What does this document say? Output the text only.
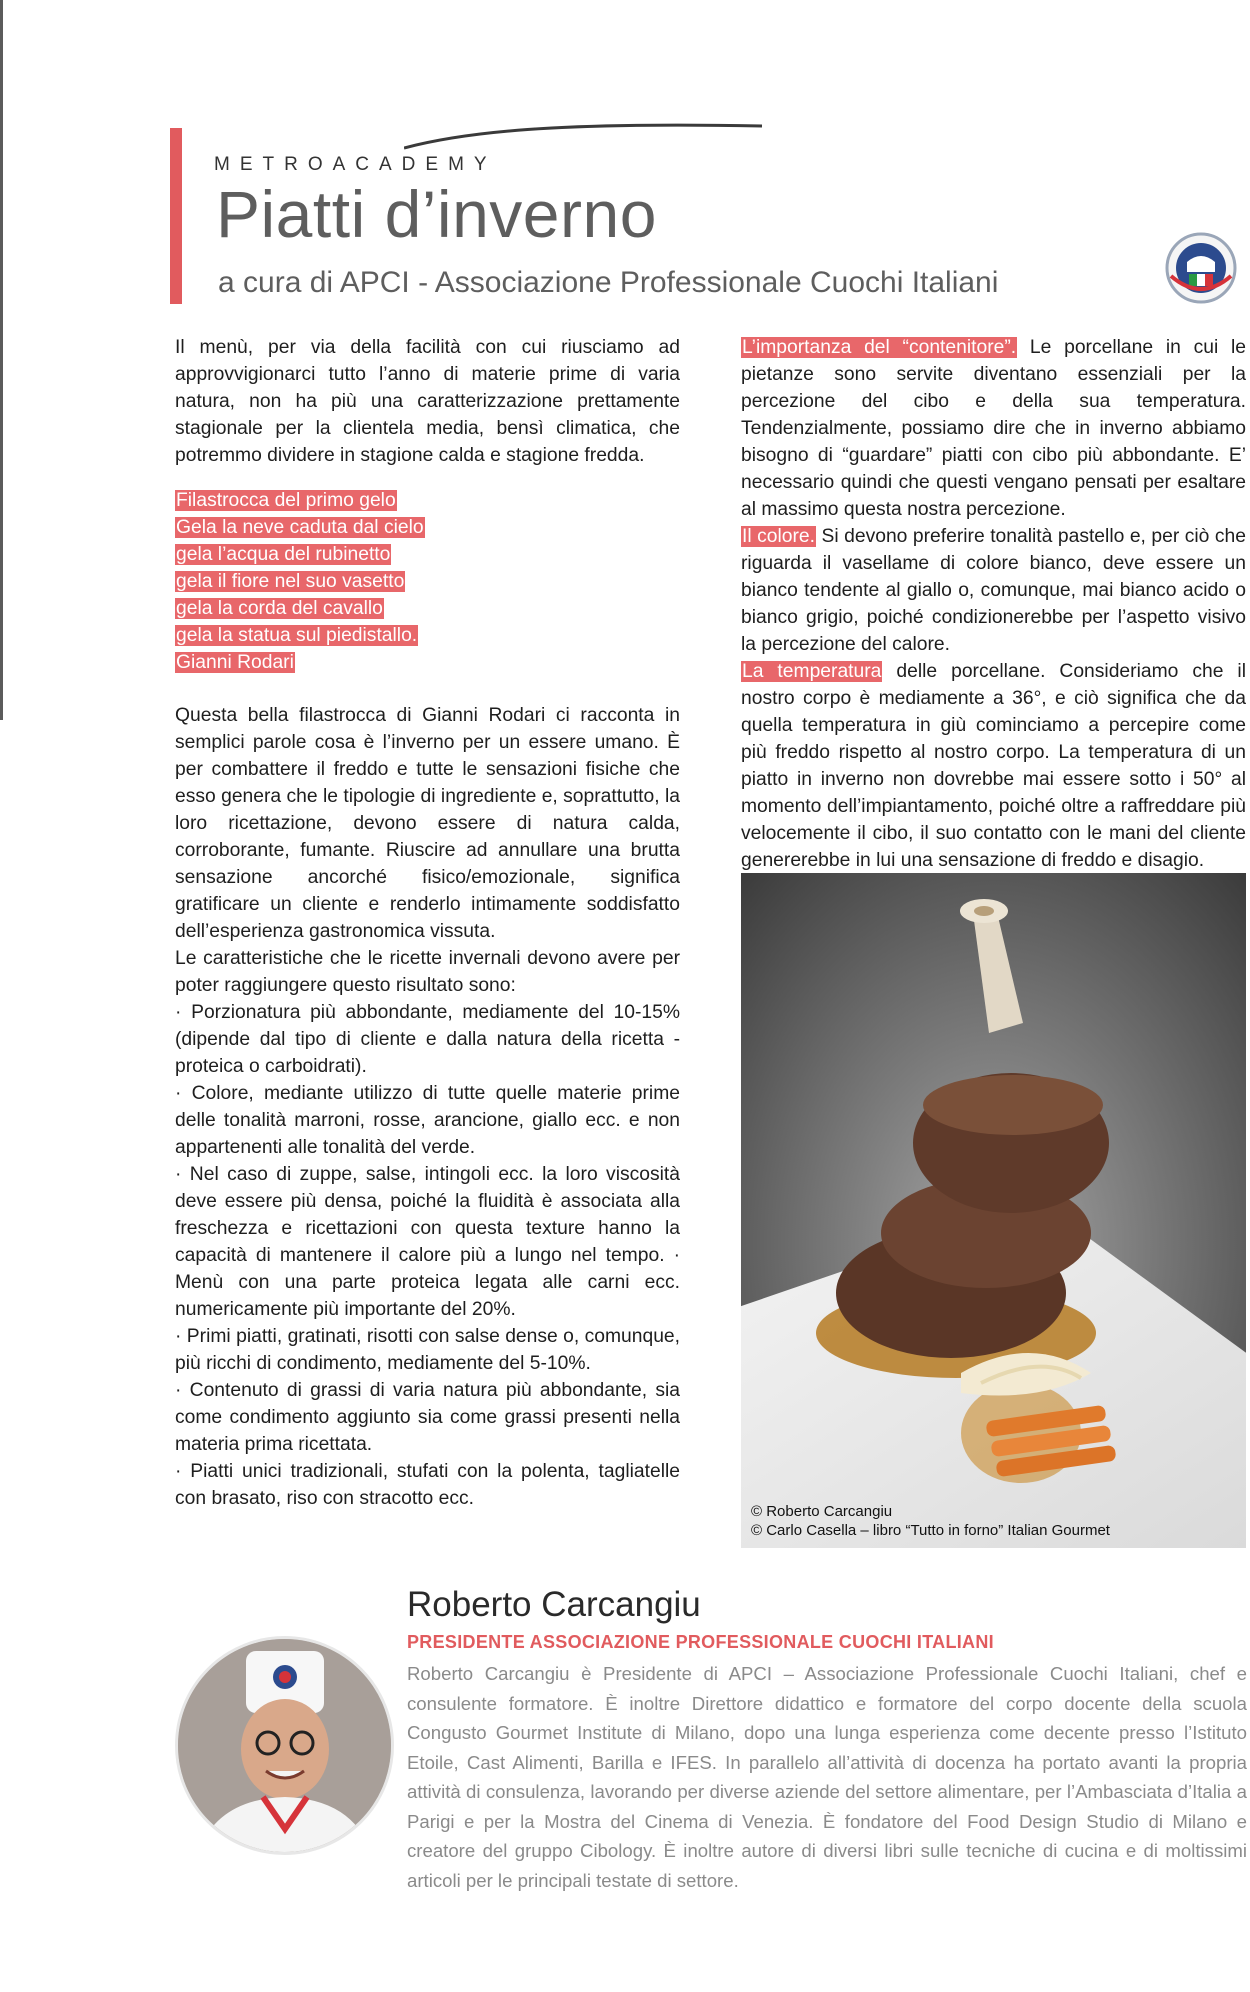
METROACADEMY
Piatti d’inverno
a cura di APCI - Associazione Professionale Cuochi Italiani

Il menù, per via della facilità con cui riusciamo ad approvvigionarci tutto l’anno di materie prime di varia natura, non ha più una caratterizzazione prettamente stagionale per la clientela media, bensì climatica, che potremmo dividere in stagione calda e stagione fredda.

Filastrocca del primo gelo
Gela la neve caduta dal cielo
gela l’acqua del rubinetto
gela il fiore nel suo vasetto
gela la corda del cavallo
gela la statua sul piedistallo.
Gianni Rodari

Questa bella filastrocca di Gianni Rodari ci racconta in semplici parole cosa è l’inverno per un essere umano. È per combattere il freddo e tutte le sensazioni fisiche che esso genera che le tipologie di ingrediente e, soprattutto, la loro ricettazione, devono essere di natura calda, corroborante, fumante. Riuscire ad annullare una brutta sensazione ancorché fisico/emozionale, significa gratificare un cliente e renderlo intimamente soddisfatto dell’esperienza gastronomica vissuta.

Le caratteristiche che le ricette invernali devono avere per poter raggiungere questo risultato sono:

· Porzionatura più abbondante, mediamente del 10-15% (dipende dal tipo di cliente e dalla natura della ricetta - proteica o carboidrati).

· Colore, mediante utilizzo di tutte quelle materie prime delle tonalità marroni, rosse, arancione, giallo ecc. e non appartenenti alle tonalità del verde.

· Nel caso di zuppe, salse, intingoli ecc. la loro viscosità deve essere più densa, poiché la fluidità è associata alla freschezza e ricettazioni con questa texture hanno la capacità di mantenere il calore più a lungo nel tempo. · Menù con una parte proteica legata alle carni ecc. numericamente più importante del 20%.

· Primi piatti, gratinati, risotti con salse dense o, comunque, più ricchi di condimento, mediamente del 5-10%.

· Contenuto di grassi di varia natura più abbondante, sia come condimento aggiunto sia come grassi presenti nella materia prima ricettata.

· Piatti unici tradizionali, stufati con la polenta, tagliatelle con brasato, riso con stracotto ecc.

L’importanza del “contenitore”. Le porcellane in cui le pietanze sono servite diventano essenziali per la percezione del cibo e della sua temperatura. Tendenzialmente, possiamo dire che in inverno abbiamo bisogno di “guardare” piatti con cibo più abbondante. E’ necessario quindi che questi vengano pensati per esaltare al massimo questa nostra percezione.

Il colore. Si devono preferire tonalità pastello e, per ciò che riguarda il vasellame di colore bianco, deve essere un bianco tendente al giallo o, comunque, mai bianco acido o bianco grigio, poiché condizionerebbe per l’aspetto visivo la percezione del calore.

La temperatura delle porcellane. Consideriamo che il nostro corpo è mediamente a 36°, e ciò significa che da quella temperatura in giù cominciamo a percepire come più freddo rispetto al nostro corpo. La temperatura di un piatto in inverno non dovrebbe mai essere sotto i 50° al momento dell’impiantamento, poiché oltre a raffreddare più velocemente il cibo, il suo contatto con le mani del cliente genererebbe in lui una sensazione di freddo e disagio.

© Roberto Carcangiu
© Carlo Casella – libro “Tutto in forno” Italian Gourmet
Roberto Carcangiu
PRESIDENTE ASSOCIAZIONE PROFESSIONALE CUOCHI ITALIANI
Roberto Carcangiu è Presidente di APCI – Associazione Professionale Cuochi Italiani, chef e consulente formatore. È inoltre Direttore didattico e formatore del corpo docente della scuola Congusto Gourmet Institute di Milano, dopo una lunga esperienza come decente presso l’Istituto Etoile, Cast Alimenti, Barilla e IFES. In parallelo all’attività di docenza ha portato avanti la propria attività di consulenza, lavorando per diverse aziende del settore alimentare, per l’Ambasciata d’Italia a Parigi e per la Mostra del Cinema di Venezia. È fondatore del Food Design Studio di Milano e creatore del gruppo Cibology. È inoltre autore di diversi libri sulle tecniche di cucina e di moltissimi articoli per le principali testate di settore.
